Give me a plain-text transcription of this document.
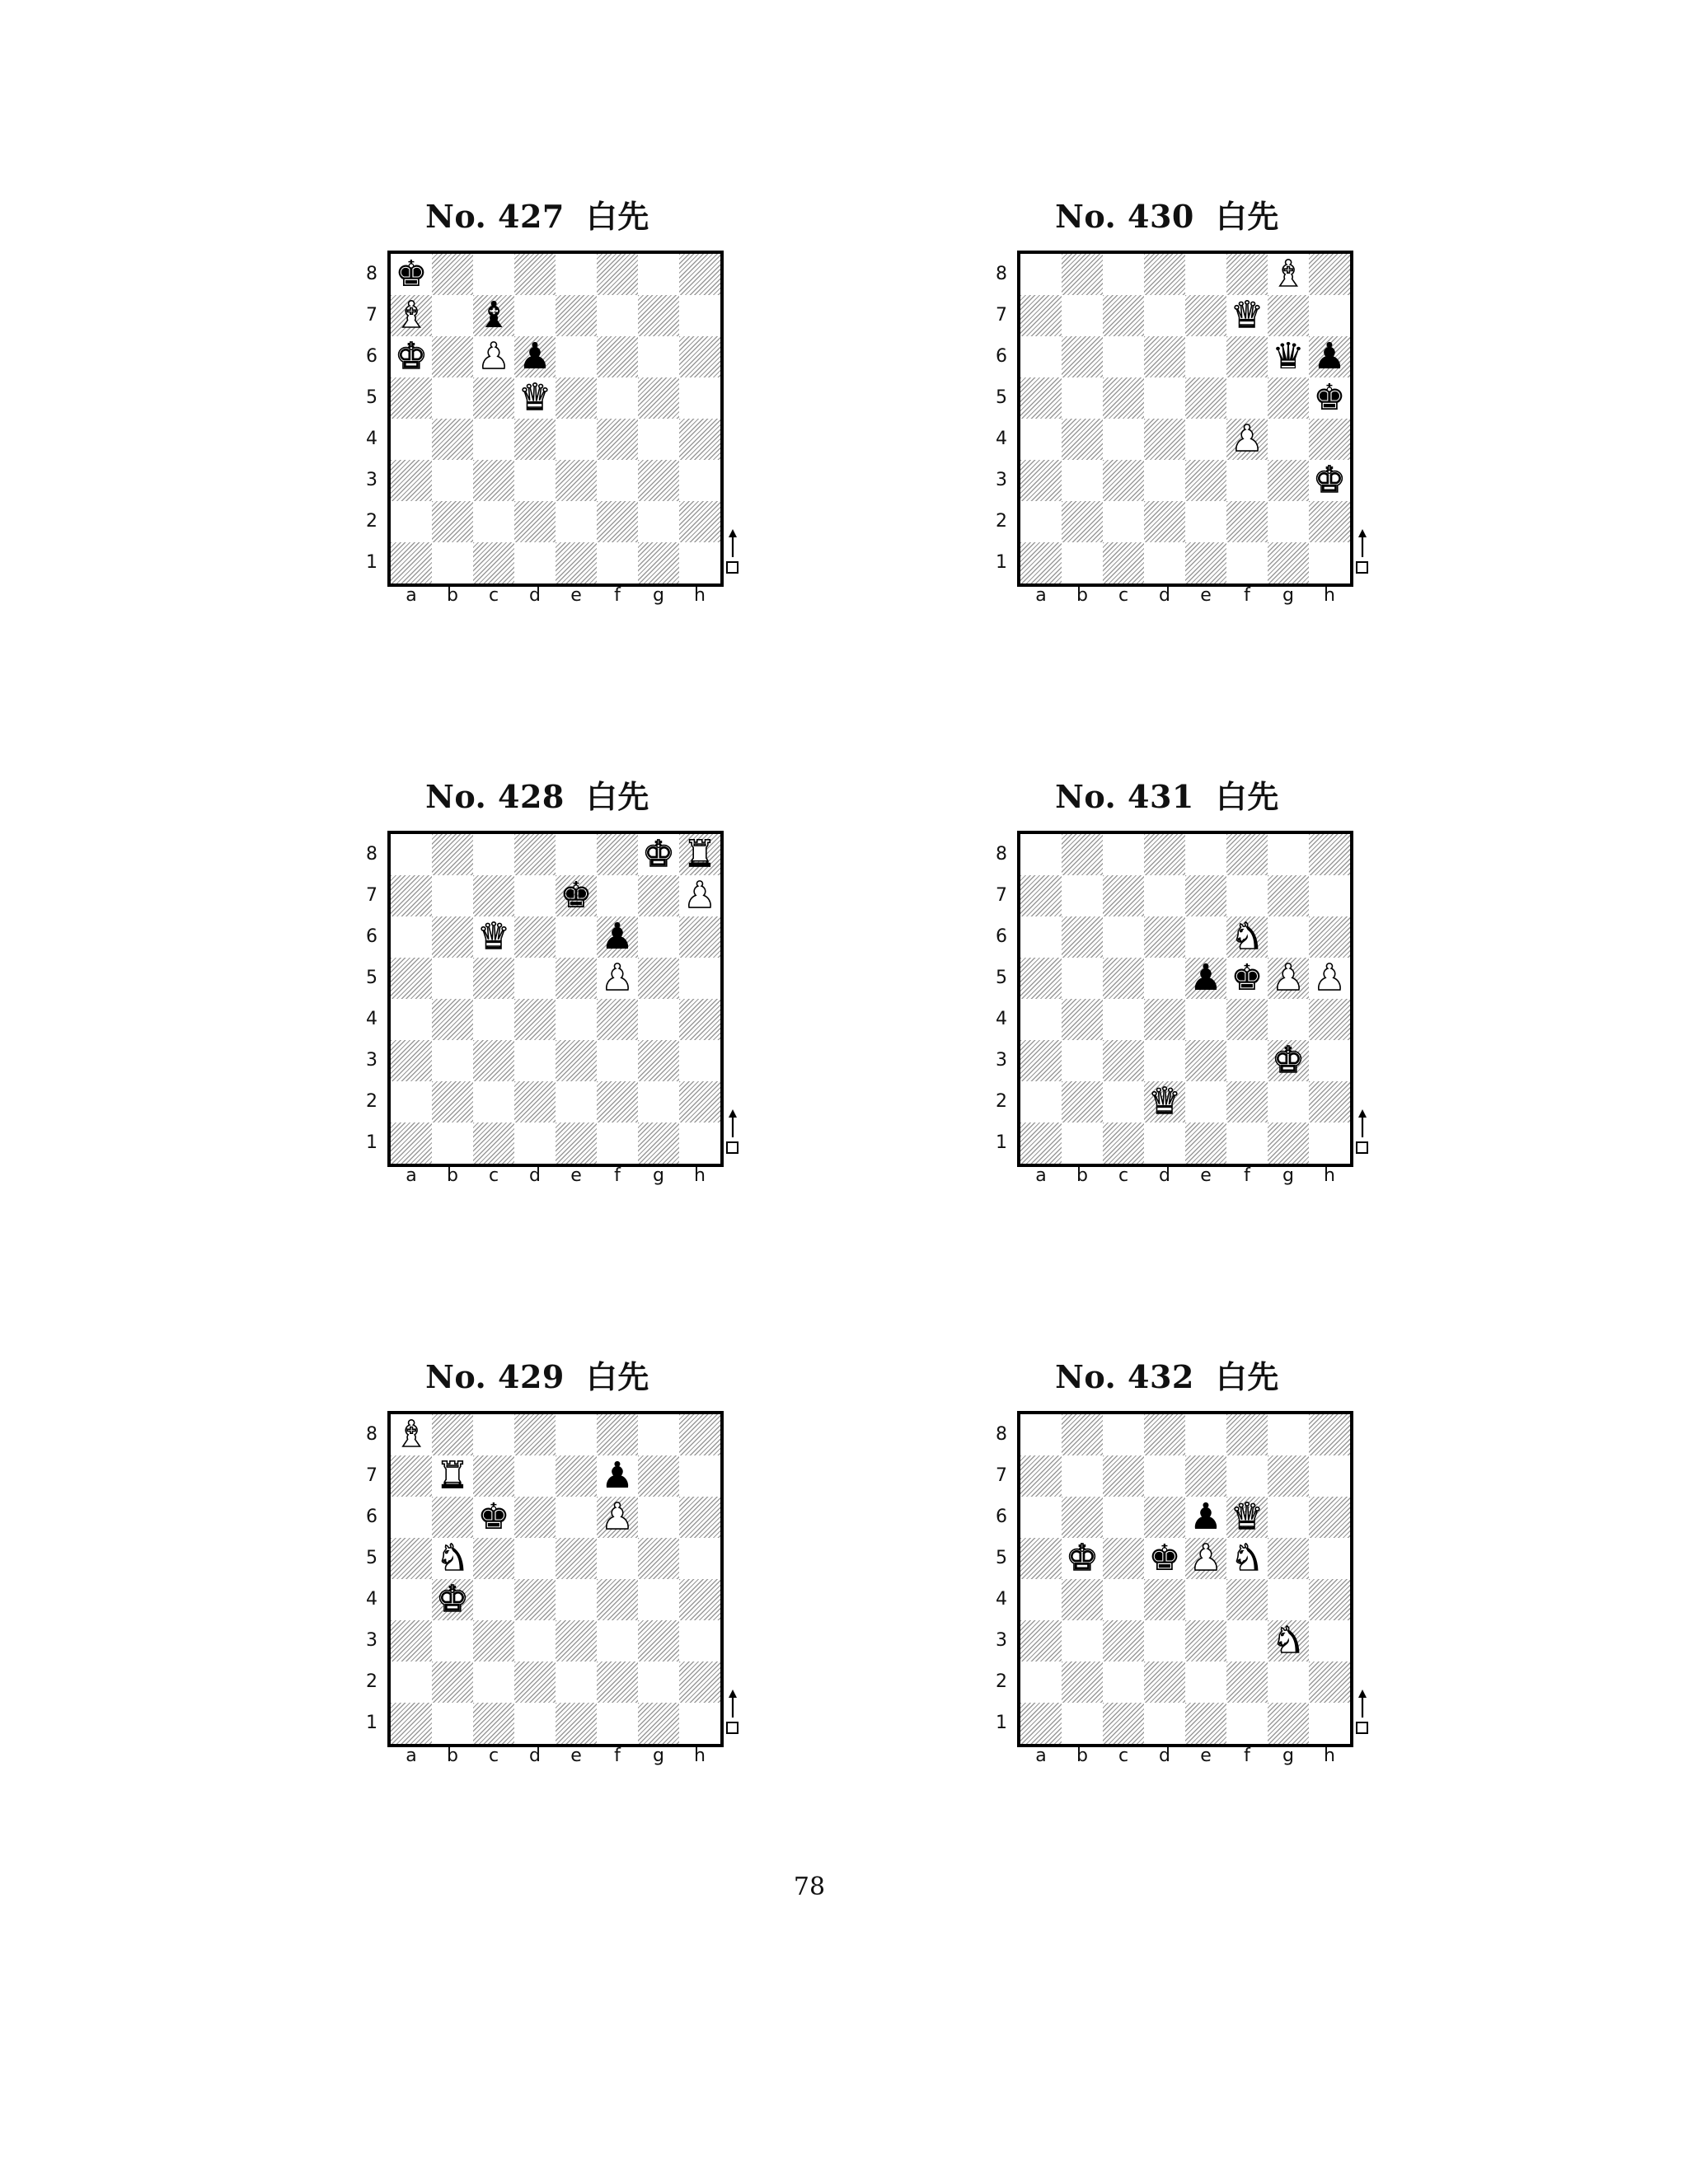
No. 427 白先
8
7
6
5
4
3
2
1
♚
♝ ♝
♚ ♟ ♟
♛
a	b	c	d	e	f	g	h
No. 428 白先
8
7
6
5
4
3
2
1
♚ ♜
♚	♟
♛	♟
♟
a	b	c	d	e	f	g	h
No. 429 白先
8
7
6
5
4
3
2
1
♝
♜	♟
♚	♟
♞
♚
a	b	c	d	e	f	g	h
No. 430 白先
8
7
6
5
4
3
2
1
♝
♛
♛ ♟
♚
♟
♚
a	b	c	d	e	f	g	h
No. 431 白先
8
7
6
5
4
3
2
1
♞
♟ ♚ ♟ ♟
♚
♛
a	b	c	d	e	f	g	h
No. 432 白先
8
7
6
5
4
3
2
1
♟ ♛
♚ ♚ ♟ ♞
♞
a	b	c	d	e	f	g	h
78
